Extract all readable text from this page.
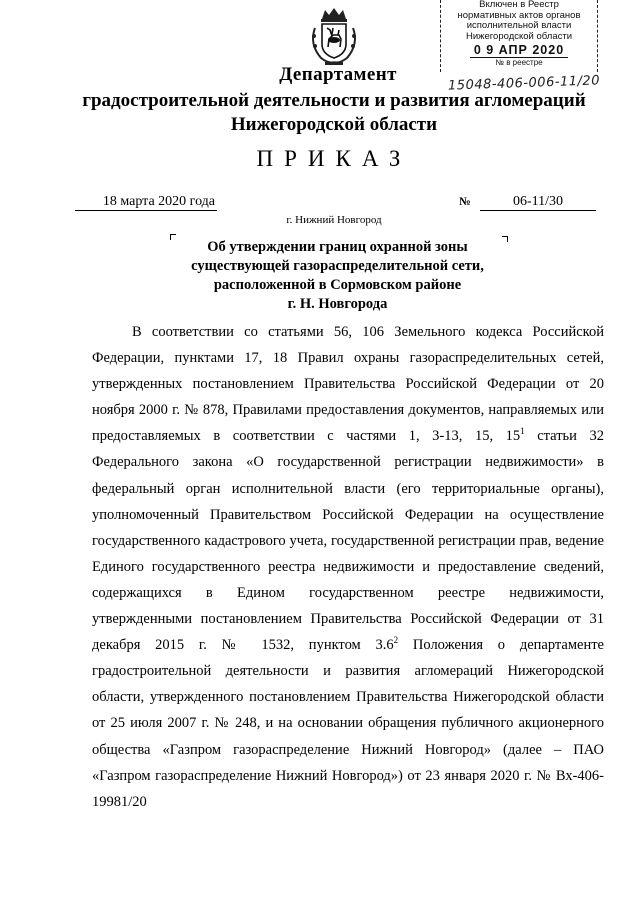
Включен в Реестр
нормативных актов органов
исполнительной власти
Нижегородской области
0 9 АПР 2020
№ в реестре
15048-406-006-11/20
Департамент
градостроительной деятельности и развития агломераций
Нижегородской области
ПРИКАЗ
18 марта 2020 года	№	06-11/30
г. Нижний Новгород
Об утверждении границ охранной зоны
существующей газораспределительной сети,
расположенной в Сормовском районе
г. Н. Новгорода
В соответствии со статьями 56, 106 Земельного кодекса Российской Федерации, пунктами 17, 18 Правил охраны газораспределительных сетей, утвержденных постановлением Правительства Российской Федерации от 20 ноября 2000 г. № 878, Правилами предоставления документов, направляемых или предоставляемых в соответствии с частями 1, 3-13, 15, $15^1$ статьи 32 Федерального закона «О государственной регистрации недвижимости» в федеральный орган исполнительной власти (его территориальные органы), уполномоченный Правительством Российской Федерации на осуществление государственного кадастрового учета, государственной регистрации прав, ведение Единого государственного реестра недвижимости и предоставление сведений, содержащихся в Едином государственном реестре недвижимости, утвержденными постановлением Правительства Российской Федерации от 31 декабря 2015 г. № 1532, пунктом $3.6^2$ Положения о департаменте градостроительной деятельности и развития агломераций Нижегородской области, утвержденного постановлением Правительства Нижегородской области от 25 июля 2007 г. № 248, и на основании обращения публичного акционерного общества «Газпром газораспределение Нижний Новгород» (далее – ПАО «Газпром газораспределение Нижний Новгород») от 23 января 2020 г. № Вх-406-19981/20
